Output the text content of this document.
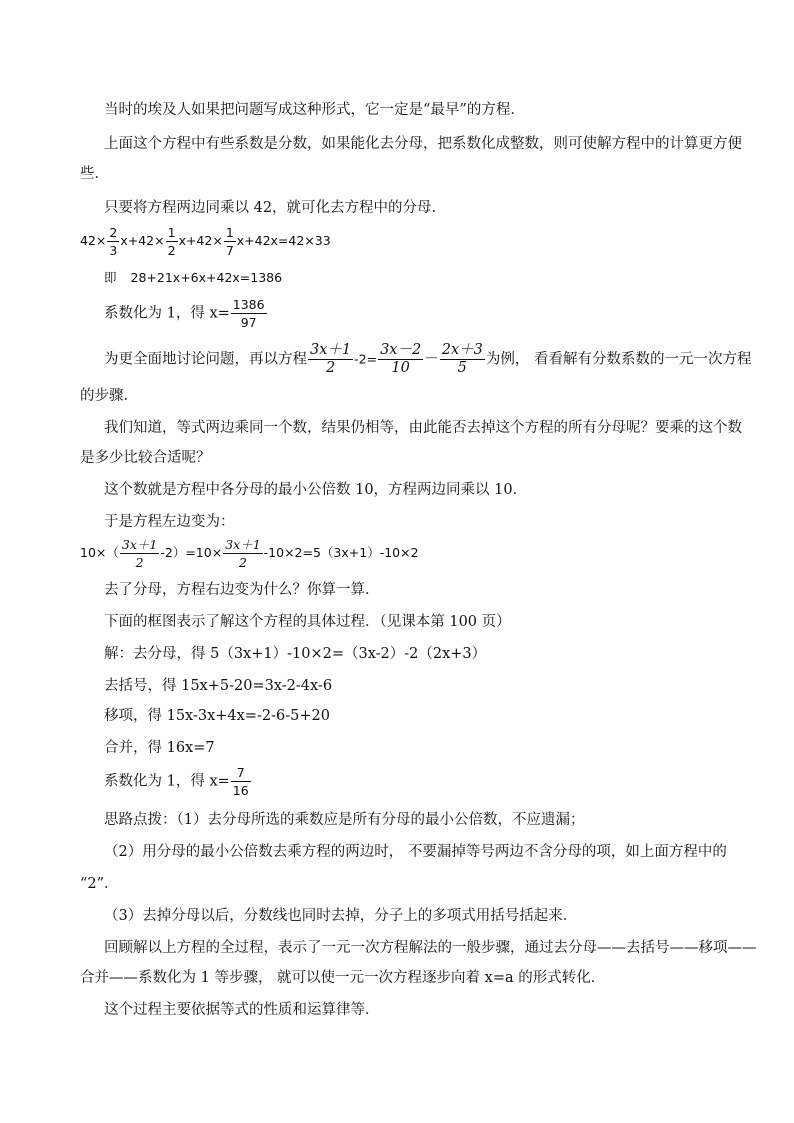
当时的埃及人如果把问题写成这种形式，它一定是“最早”的方程．
上面这个方程中有些系数是分数，如果能化去分母，把系数化成整数，则可使解方程中的计算更方便
些．
只要将方程两边同乘以 42，就可化去方程中的分母．
$42\times \frac{2}{3} x+42\times \frac{1}{2} x+42\times \frac{1}{7} x+42x=42\times 33$
即 28+21x+6x+42x=1386
系数化为 1，得 $x= \frac{1386}{97}$
为更全面地讨论问题，再以方程 $\frac{3x+1}{2} -2= \frac{3x-2}{10} - \frac{2x+3}{5}$ 为例， 看看解有分数系数的一元一次方程
的步骤．
我们知道，等式两边乘同一个数，结果仍相等，由此能否去掉这个方程的所有分母呢？要乘的这个数
是多少比较合适呢？
这个数就是方程中各分母的最小公倍数 10，方程两边同乘以 10．
于是方程左边变为：
$10\times( \frac{3x+1}{2} -2)=10\times \frac{3x+1}{2} -10\times 2=5(3x+1)-10\times 2$
去了分母，方程右边变为什么？你算一算．
下面的框图表示了解这个方程的具体过程．（见课本第 100 页）
解：去分母，得 5（3x+1）-10×2=（3x-2）-2（2x+3）
去括号，得 15x+5-20=3x-2-4x-6
移项，得 15x-3x+4x=-2-6-5+20
合并，得 16x=7
系数化为 1，得 $x= \frac{7}{16}$
思路点拨：（1）去分母所选的乘数应是所有分母的最小公倍数，不应遗漏；
（2）用分母的最小公倍数去乘方程的两边时， 不要漏掉等号两边不含分母的项，如上面方程中的
“2”．
（3）去掉分母以后，分数线也同时去掉，分子上的多项式用括号括起来．
回顾解以上方程的全过程，表示了一元一次方程解法的一般步骤，通过去分母——去括号——移项——
合并——系数化为 1 等步骤， 就可以使一元一次方程逐步向着 x=a 的形式转化．
这个过程主要依据等式的性质和运算律等．
